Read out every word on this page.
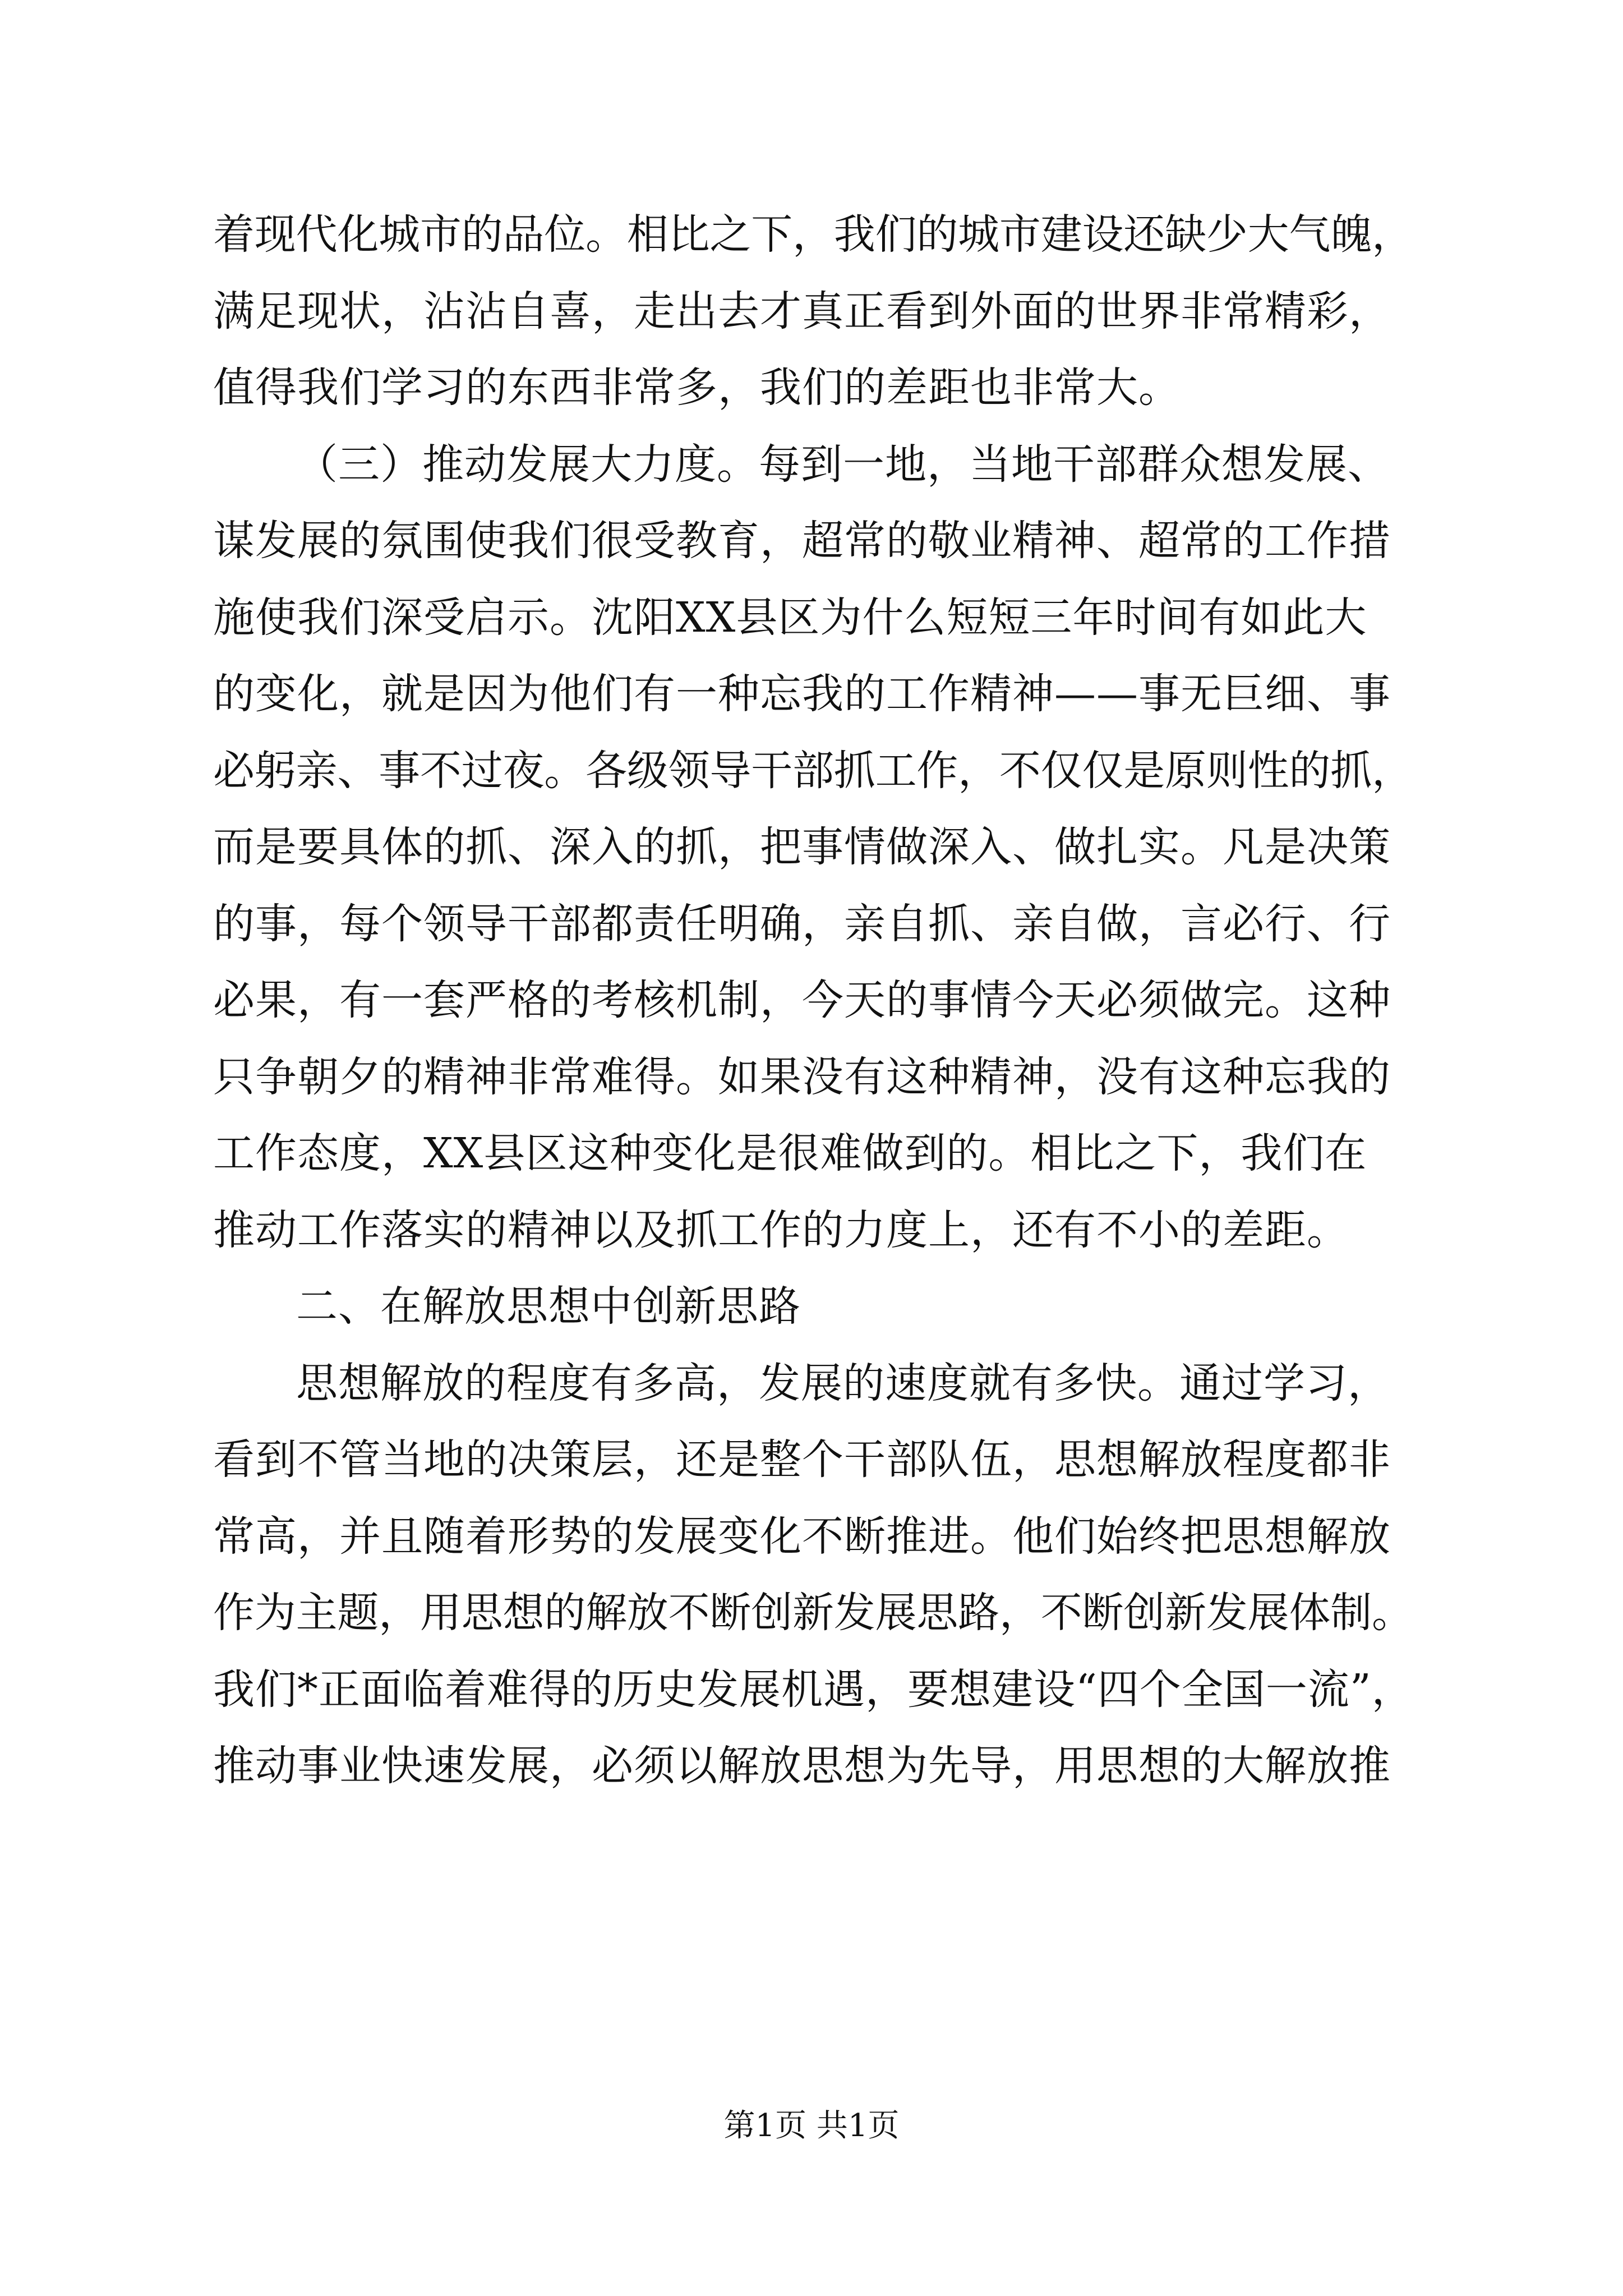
着现代化城市的品位。相比之下，我们的城市建设还缺少大气魄，
满足现状，沾沾自喜，走出去才真正看到外面的世界非常精彩，
值得我们学习的东西非常多，我们的差距也非常大。
（三）推动发展大力度。每到一地，当地干部群众想发展、
谋发展的氛围使我们很受教育，超常的敬业精神、超常的工作措
施使我们深受启示。沈阳XX县区为什么短短三年时间有如此大
的变化，就是因为他们有一种忘我的工作精神——事无巨细、事
必躬亲、事不过夜。各级领导干部抓工作，不仅仅是原则性的抓，
而是要具体的抓、深入的抓，把事情做深入、做扎实。凡是决策
的事，每个领导干部都责任明确，亲自抓、亲自做，言必行、行
必果，有一套严格的考核机制，今天的事情今天必须做完。这种
只争朝夕的精神非常难得。如果没有这种精神，没有这种忘我的
工作态度，XX县区这种变化是很难做到的。相比之下，我们在
推动工作落实的精神以及抓工作的力度上，还有不小的差距。
二、在解放思想中创新思路
思想解放的程度有多高，发展的速度就有多快。通过学习，
看到不管当地的决策层，还是整个干部队伍，思想解放程度都非
常高，并且随着形势的发展变化不断推进。他们始终把思想解放
作为主题，用思想的解放不断创新发展思路，不断创新发展体制。
我们*正面临着难得的历史发展机遇，要想建设“四个全国一流”，
推动事业快速发展，必须以解放思想为先导，用思想的大解放推
第1页 共1页
